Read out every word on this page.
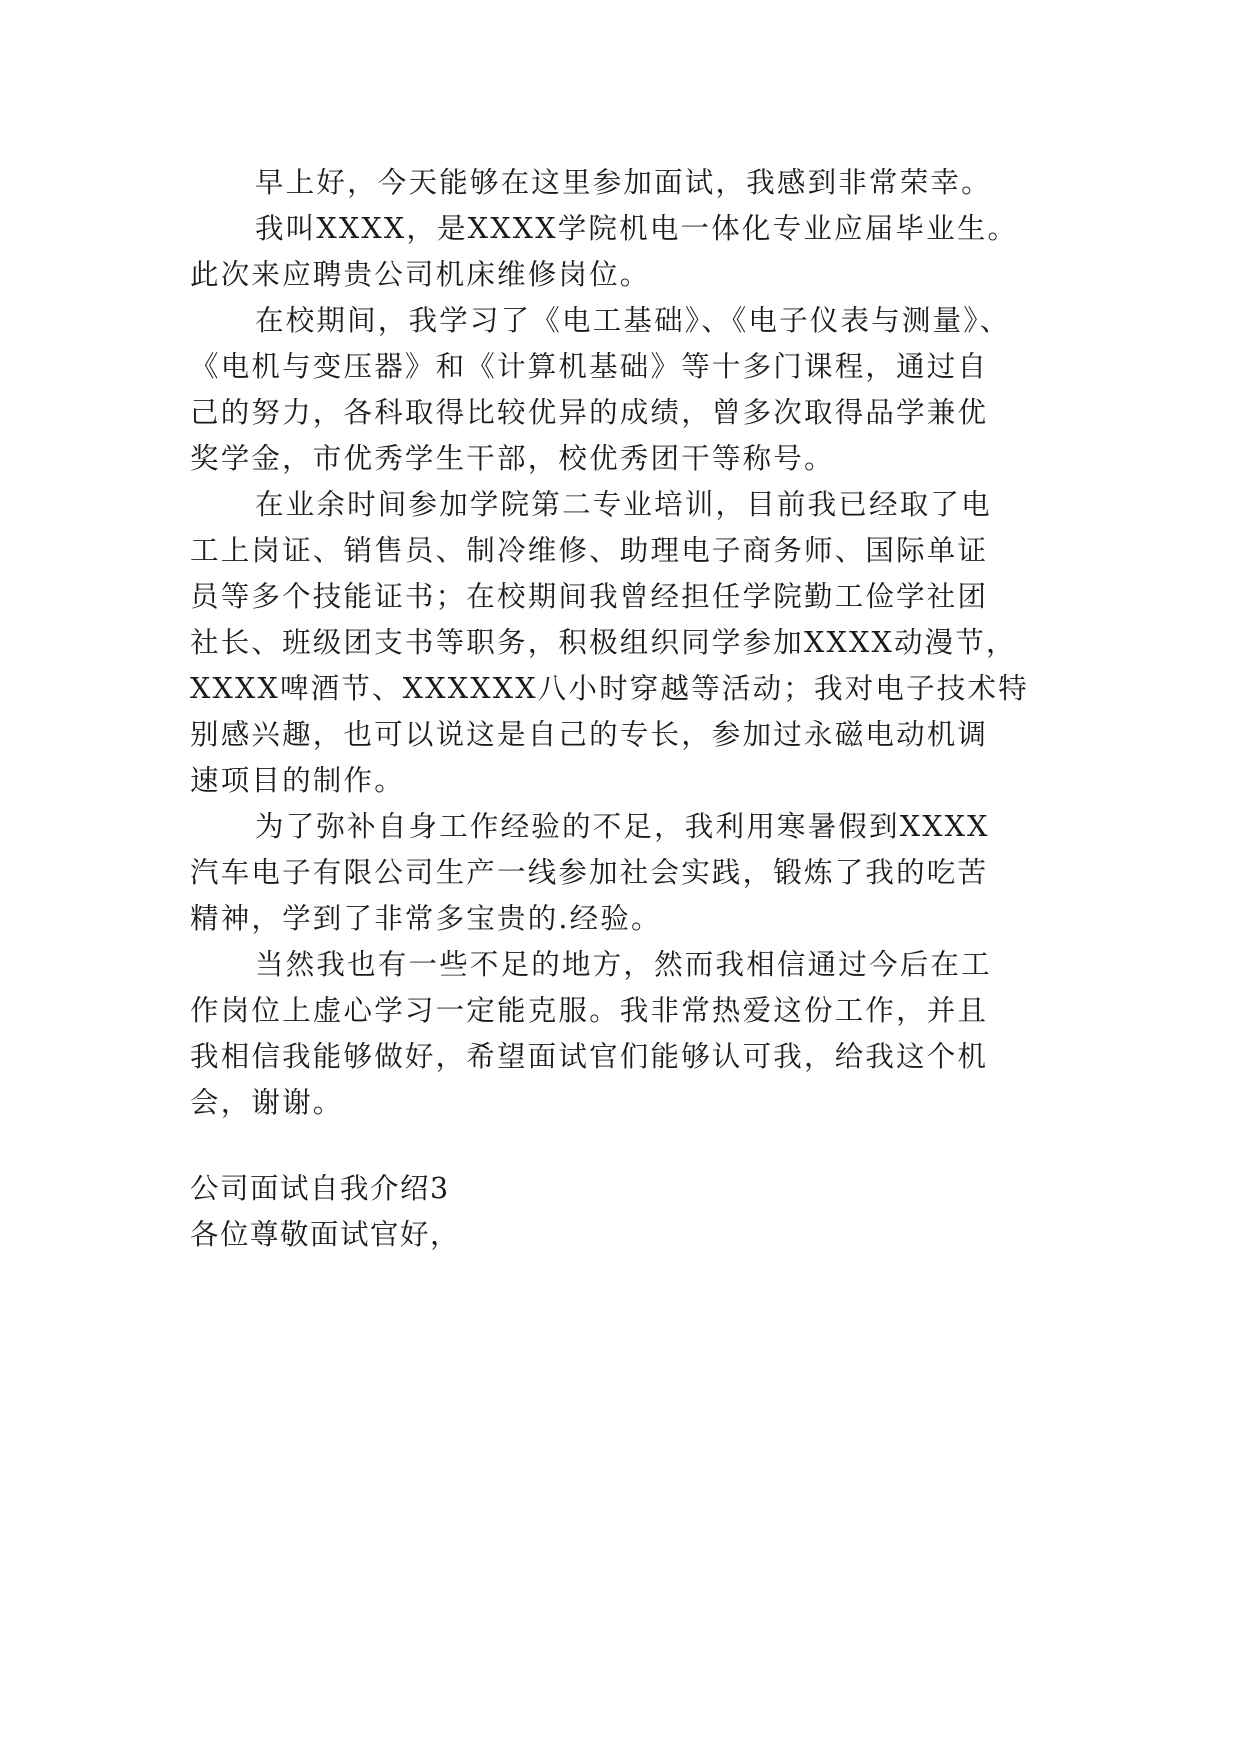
早上好，今天能够在这里参加面试，我感到非常荣幸。
我叫XXXX，是XXXX学院机电一体化专业应届毕业生。
此次来应聘贵公司机床维修岗位。
在校期间，我学习了《电工基础》、《电子仪表与测量》、
《电机与变压器》和《计算机基础》等十多门课程，通过自
己的努力，各科取得比较优异的成绩，曾多次取得品学兼优
奖学金，市优秀学生干部，校优秀团干等称号。
在业余时间参加学院第二专业培训，目前我已经取了电
工上岗证、销售员、制冷维修、助理电子商务师、国际单证
员等多个技能证书；在校期间我曾经担任学院勤工俭学社团
社长、班级团支书等职务，积极组织同学参加XXXX动漫节，
XXXX啤酒节、XXXXXX八小时穿越等活动；我对电子技术特
别感兴趣，也可以说这是自己的专长，参加过永磁电动机调
速项目的制作。
为了弥补自身工作经验的不足，我利用寒暑假到XXXX
汽车电子有限公司生产一线参加社会实践，锻炼了我的吃苦
精神，学到了非常多宝贵的.经验。
当然我也有一些不足的地方，然而我相信通过今后在工
作岗位上虚心学习一定能克服。我非常热爱这份工作，并且
我相信我能够做好，希望面试官们能够认可我，给我这个机
会，谢谢。
公司面试自我介绍3
各位尊敬面试官好，
